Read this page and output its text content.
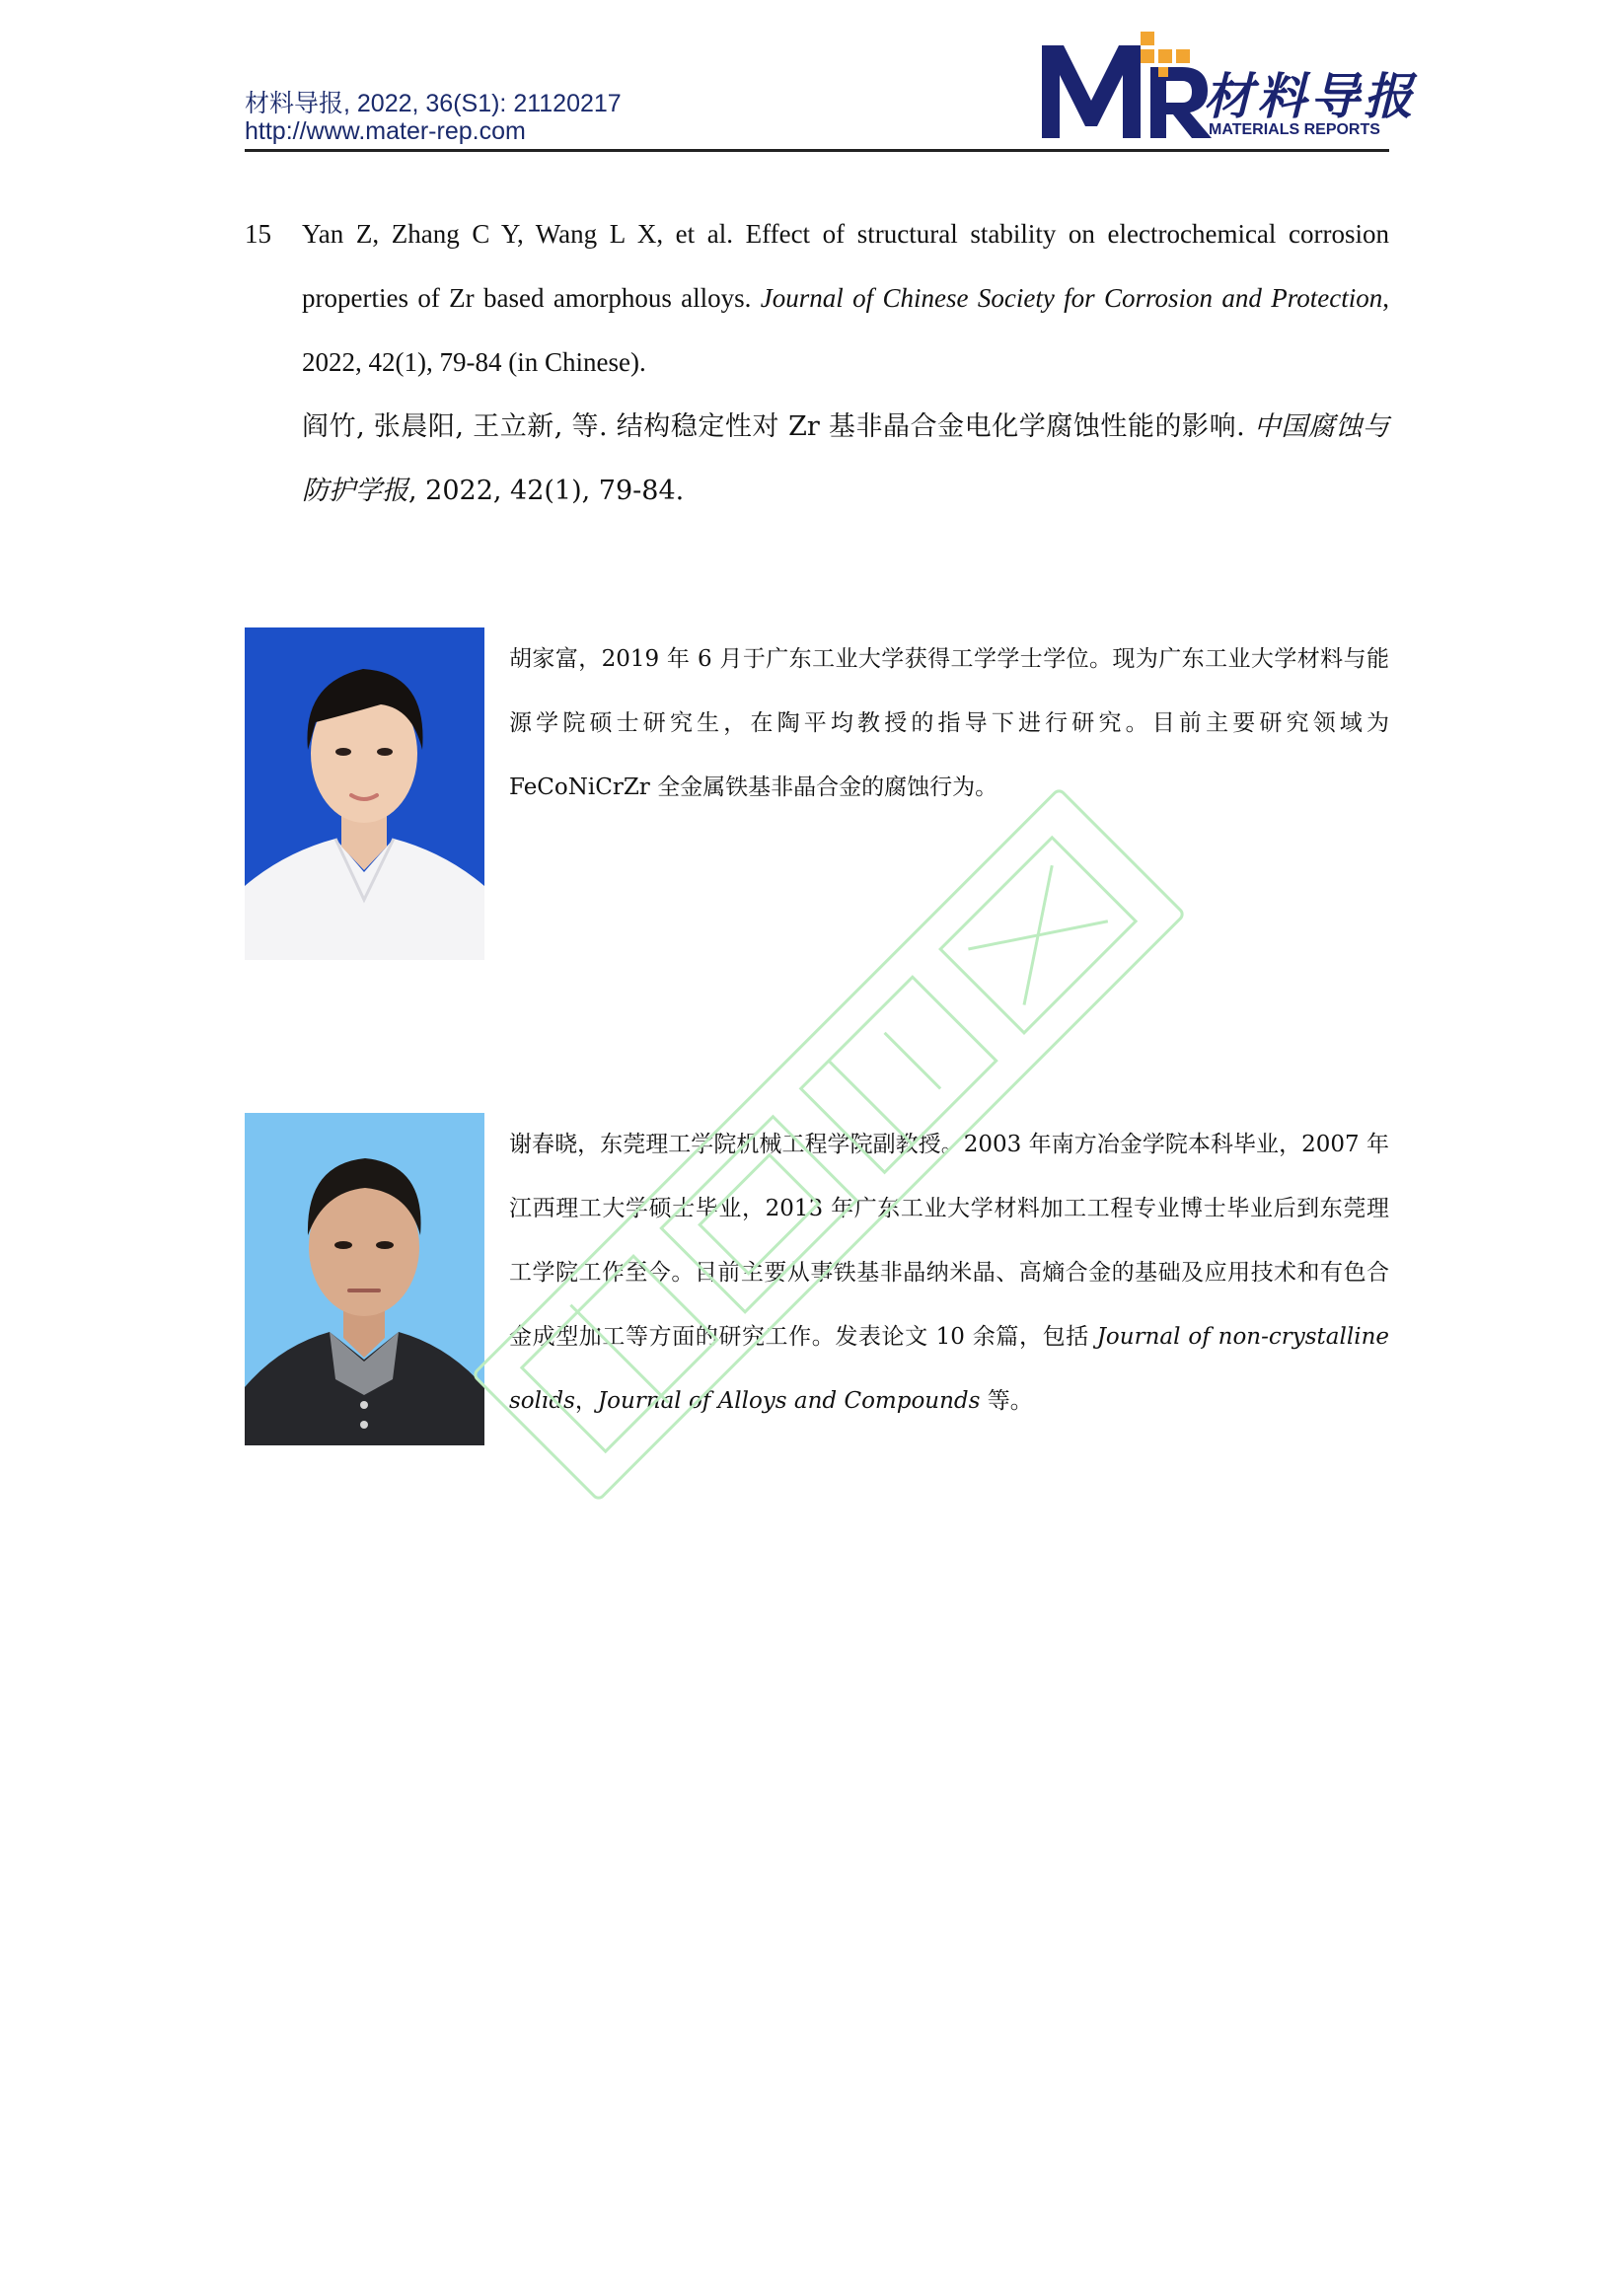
材料导报, 2022, 36(S1): 21120217
http://www.mater-rep.com
材料导报
MATERIALS REPORTS
15 Yan Z, Zhang C Y, Wang L X, et al. Effect of structural stability on electrochemical corrosion properties of Zr based amorphous alloys. Journal of Chinese Society for Corrosion and Protection, 2022, 42(1), 79-84 (in Chinese).

阎竹, 张晨阳, 王立新, 等. 结构稳定性对 Zr 基非晶合金电化学腐蚀性能的影响. 中国腐蚀与防护学报, 2022, 42(1), 79-84.

胡家富，2019 年 6 月于广东工业大学获得工学学士学位。现为广东工业大学材料与能源学院硕士研究生，在陶平均教授的指导下进行研究。目前主要研究领域为 FeCoNiCrZr 全金属铁基非晶合金的腐蚀行为。
谢春晓，东莞理工学院机械工程学院副教授。2003 年南方冶金学院本科毕业，2007 年江西理工大学硕士毕业，2013 年广东工业大学材料加工工程专业博士毕业后到东莞理工学院工作至今。目前主要从事铁基非晶纳米晶、高熵合金的基础及应用技术和有色合金成型加工等方面的研究工作。发表论文 10 余篇，包括 Journal of non-crystalline solids，Journal of Alloys and Compounds 等。
